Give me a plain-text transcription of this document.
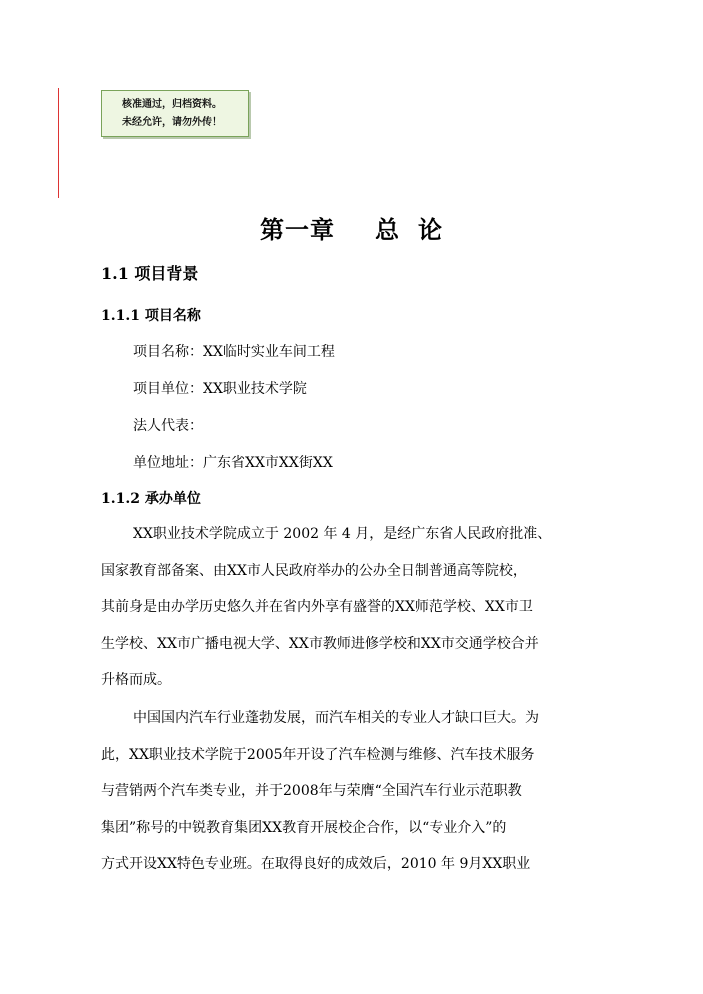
核准通过，归档资料。
未经允许，请勿外传！
第一章 总 论
1.1 项目背景
1.1.1 项目名称
项目名称：XX临时实业车间工程
项目单位：XX职业技术学院
法人代表：
单位地址：广东省XX市XX街XX
1.1.2 承办单位
XX职业技术学院成立于 2002 年 4 月，是经广东省人民政府批准、
国家教育部备案、由XX市人民政府举办的公办全日制普通高等院校，
其前身是由办学历史悠久并在省内外享有盛誉的XX师范学校、XX市卫
生学校、XX市广播电视大学、XX市教师进修学校和XX市交通学校合并
升格而成。
中国国内汽车行业蓬勃发展，而汽车相关的专业人才缺口巨大。为
此，XX职业技术学院于2005年开设了汽车检测与维修、汽车技术服务
与营销两个汽车类专业，并于2008年与荣膺“全国汽车行业示范职教
集团”称号的中锐教育集团XX教育开展校企合作，以“专业介入”的
方式开设XX特色专业班。在取得良好的成效后，2010 年 9月XX职业
